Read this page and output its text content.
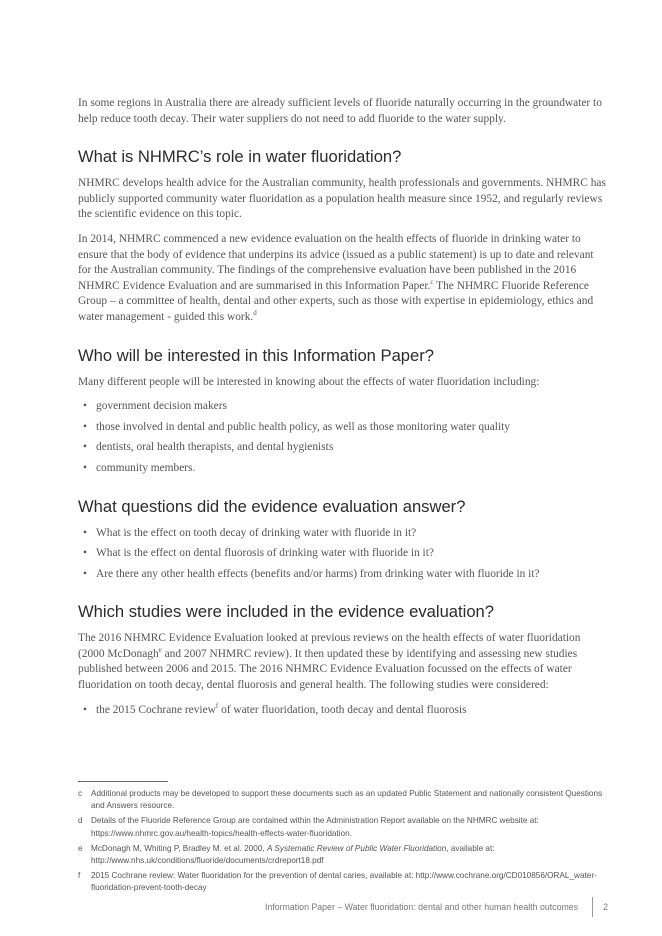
In some regions in Australia there are already sufficient levels of fluoride naturally occurring in the groundwater to help reduce tooth decay. Their water suppliers do not need to add fluoride to the water supply.

What is NHMRC’s role in water fluoridation?

NHMRC develops health advice for the Australian community, health professionals and governments. NHMRC has publicly supported community water fluoridation as a population health measure since 1952, and regularly reviews the scientific evidence on this topic.

In 2014, NHMRC commenced a new evidence evaluation on the health effects of fluoride in drinking water to ensure that the body of evidence that underpins its advice (issued as a public statement) is up to date and relevant for the Australian community. The findings of the comprehensive evaluation have been published in the 2016 NHMRC Evidence Evaluation and are summarised in this Information Paper.$^c$ The NHMRC Fluoride Reference Group – a committee of health, dental and other experts, such as those with expertise in epidemiology, ethics and water management - guided this work.$^d$

Who will be interested in this Information Paper?

Many different people will be interested in knowing about the effects of water fluoridation including:

• government decision makers
• those involved in dental and public health policy, as well as those monitoring water quality
• dentists, oral health therapists, and dental hygienists
• community members.
What questions did the evidence evaluation answer?
• What is the effect on tooth decay of drinking water with fluoride in it?
• What is the effect on dental fluorosis of drinking water with fluoride in it?
• Are there any other health effects (benefits and/or harms) from drinking water with fluoride in it?
Which studies were included in the evidence evaluation?

The 2016 NHMRC Evidence Evaluation looked at previous reviews on the health effects of water fluoridation (2000 McDonagh$^e$ and 2007 NHMRC review). It then updated these by identifying and assessing new studies published between 2006 and 2015. The 2016 NHMRC Evidence Evaluation focussed on the effects of water fluoridation on tooth decay, dental fluorosis and general health. The following studies were considered:

• the 2015 Cochrane review$^f$ of water fluoridation, tooth decay and dental fluorosis
c Additional products may be developed to support these documents such as an updated Public Statement and nationally consistent Questions and Answers resource.
d Details of the Fluoride Reference Group are contained within the Administration Report available on the NHMRC website at: https://www.nhmrc.gov.au/health-topics/health-effects-water-fluoridation.
e McDonagh M, Whiting P, Bradley M. et al. 2000, A Systematic Review of Public Water Fluoridation, available at: http://www.nhs.uk/conditions/fluoride/documents/crdreport18.pdf
f 2015 Cochrane review: Water fluoridation for the prevention of dental caries, available at: http://www.cochrane.org/CD010856/ORAL_water-fluoridation-prevent-tooth-decay
Information Paper – Water fluoridation: dental and other human health outcomes	2
